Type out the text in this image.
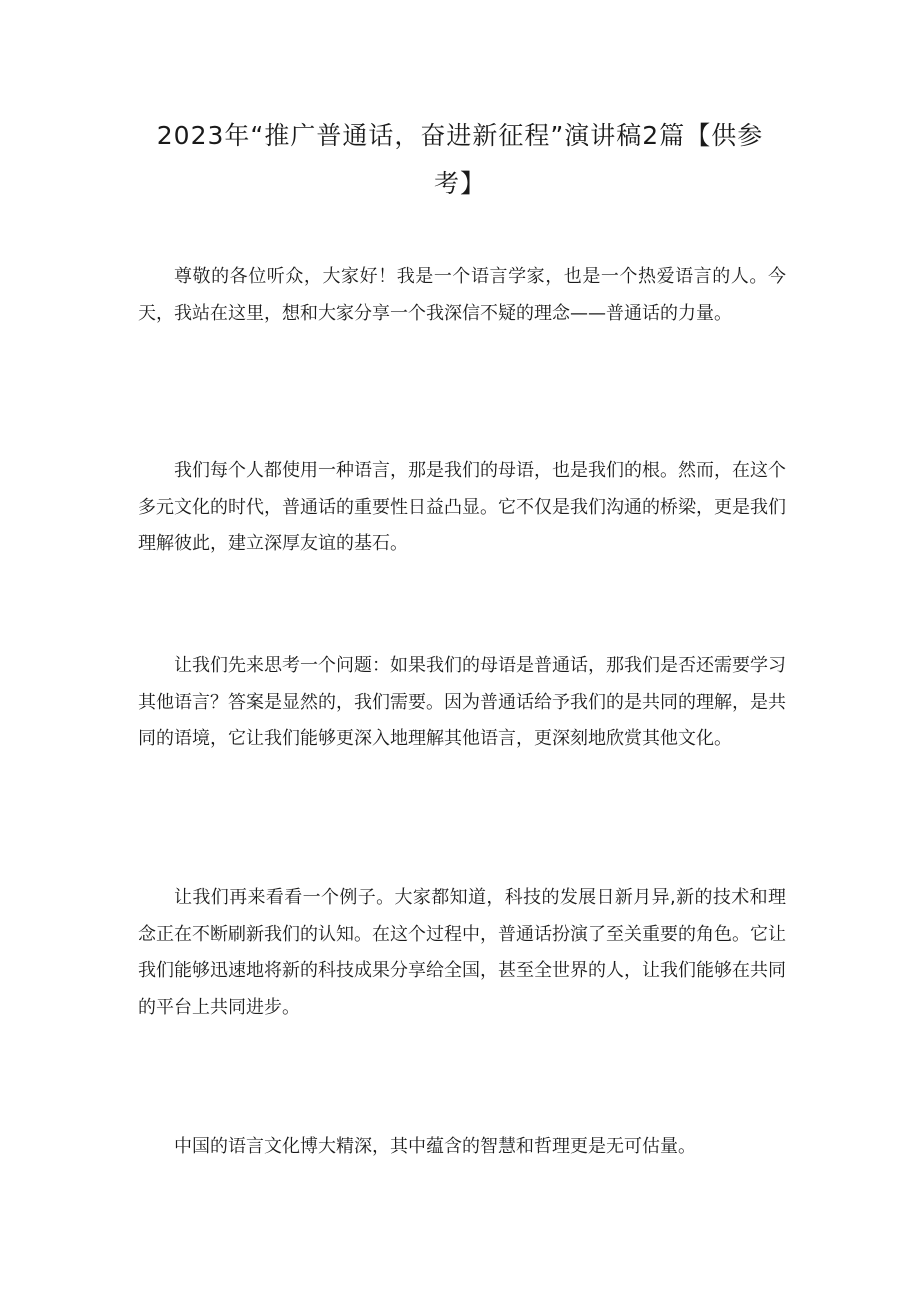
2023年“推广普通话，奋进新征程”演讲稿2篇【供参考】

尊敬的各位听众，大家好！我是一个语言学家，也是一个热爱语言的人。今天，我站在这里，想和大家分享一个我深信不疑的理念——普通话的力量。

我们每个人都使用一种语言，那是我们的母语，也是我们的根。然而，在这个多元文化的时代，普通话的重要性日益凸显。它不仅是我们沟通的桥梁，更是我们理解彼此，建立深厚友谊的基石。

让我们先来思考一个问题：如果我们的母语是普通话，那我们是否还需要学习其他语言？答案是显然的，我们需要。因为普通话给予我们的是共同的理解，是共同的语境，它让我们能够更深入地理解其他语言，更深刻地欣赏其他文化。

让我们再来看看一个例子。大家都知道，科技的发展日新月异,新的技术和理念正在不断刷新我们的认知。在这个过程中，普通话扮演了至关重要的角色。它让我们能够迅速地将新的科技成果分享给全国，甚至全世界的人，让我们能够在共同的平台上共同进步。

中国的语言文化博大精深，其中蕴含的智慧和哲理更是无可估量。
